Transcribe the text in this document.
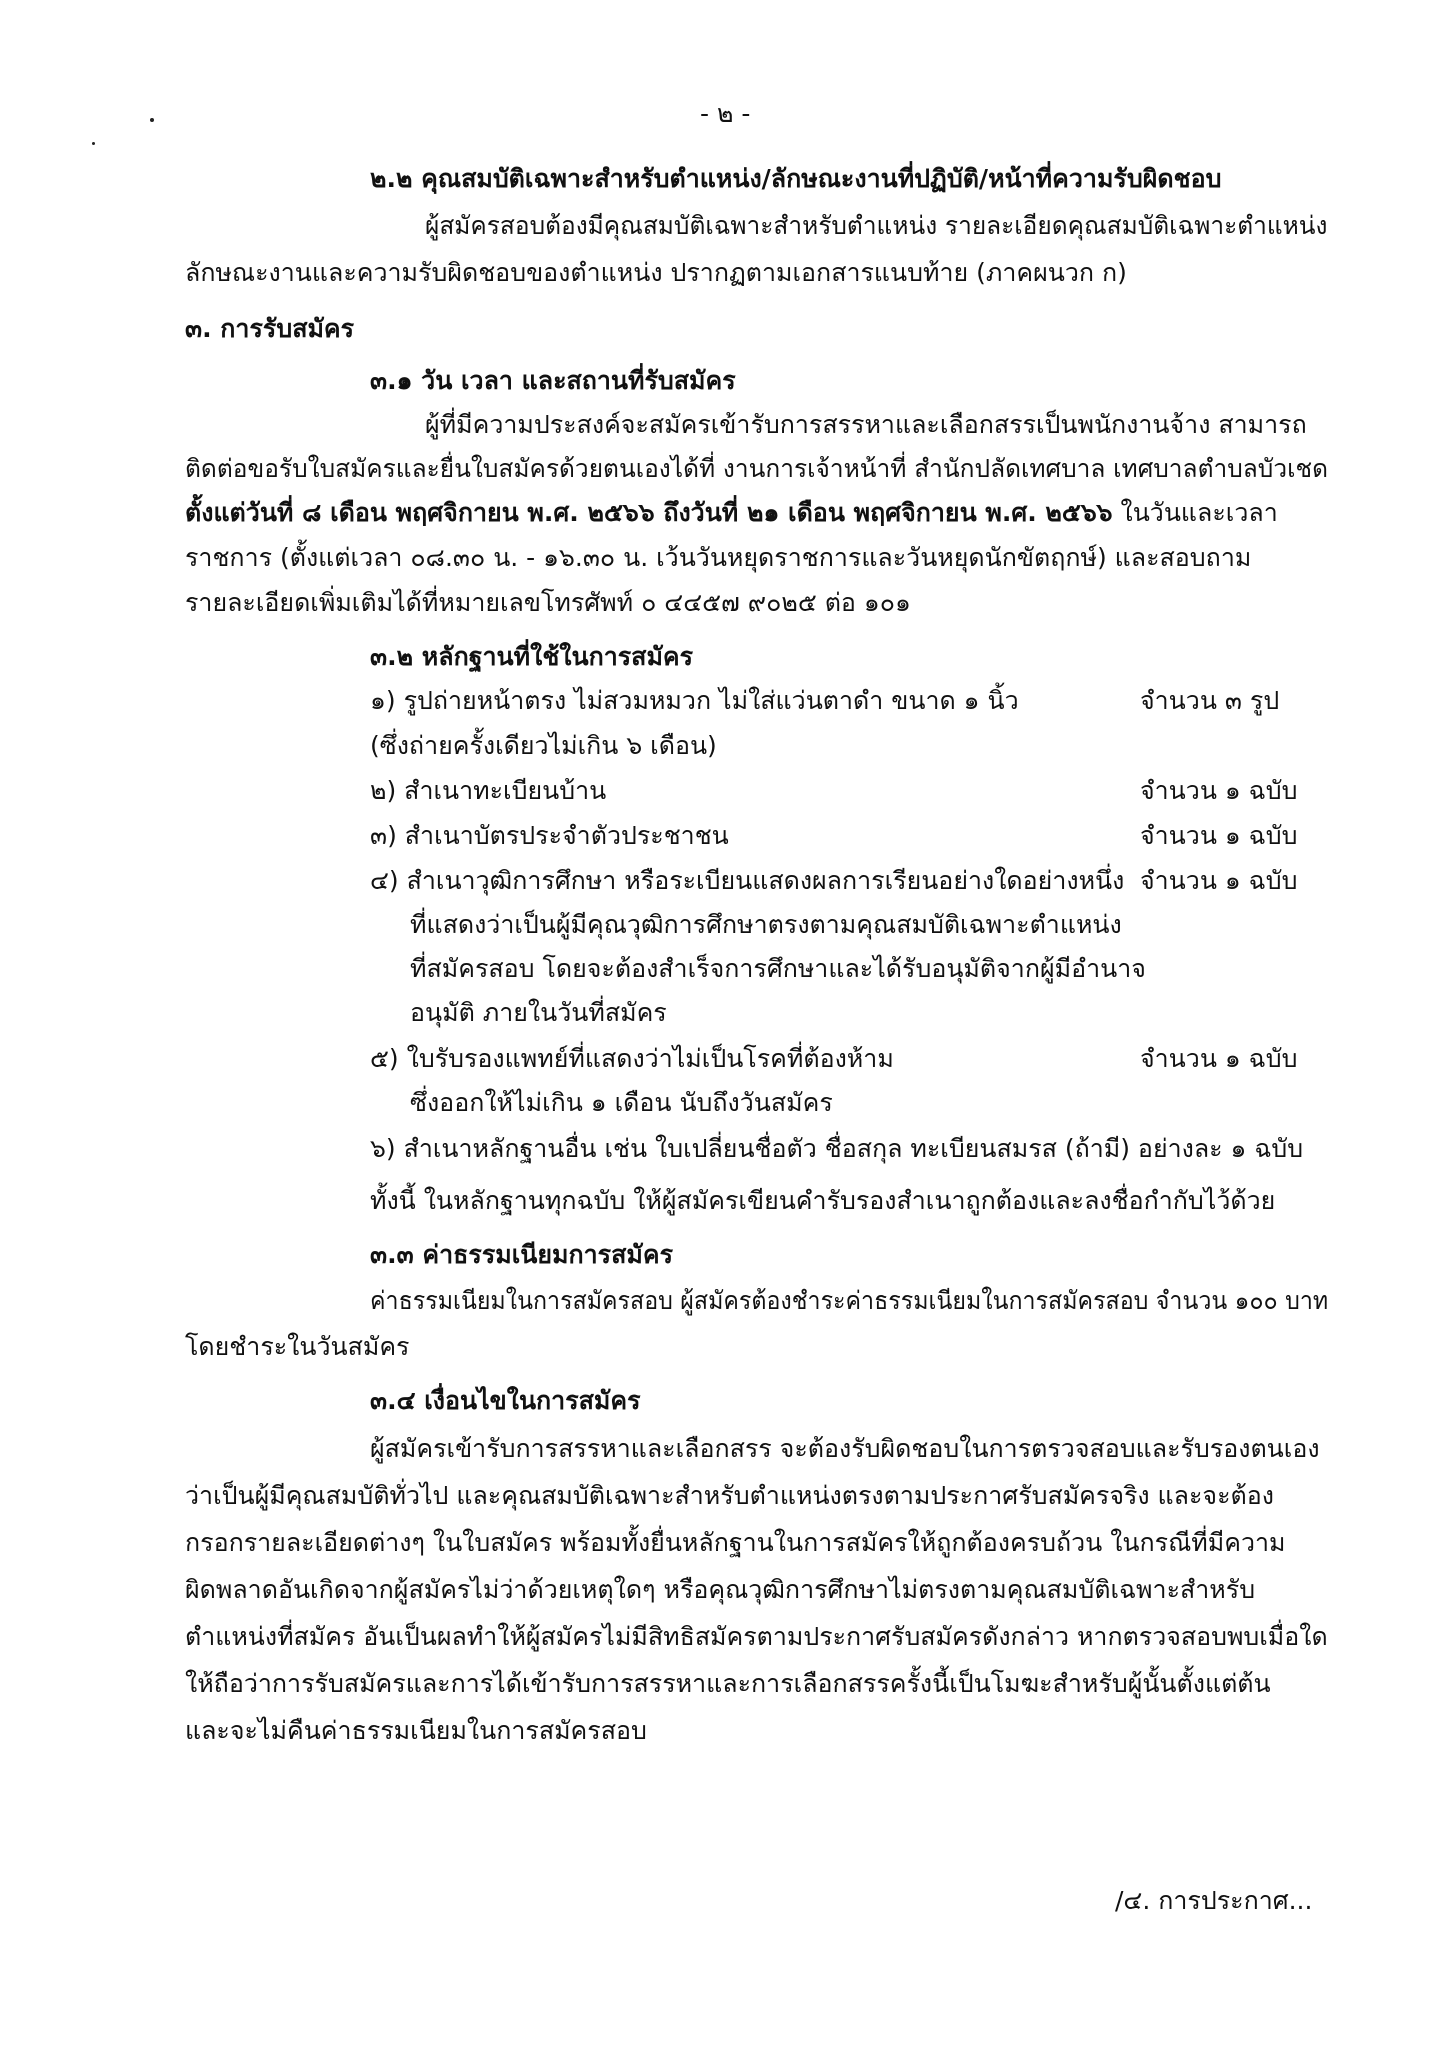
- ๒ -
๒.๒ คุณสมบัติเฉพาะสำหรับตำแหน่ง/ลักษณะงานที่ปฏิบัติ/หน้าที่ความรับผิดชอบ
ผู้สมัครสอบต้องมีคุณสมบัติเฉพาะสำหรับตำแหน่ง รายละเอียดคุณสมบัติเฉพาะตำแหน่ง
ลักษณะงานและความรับผิดชอบของตำแหน่ง ปรากฏตามเอกสารแนบท้าย (ภาคผนวก ก)
๓. การรับสมัคร
๓.๑ วัน เวลา และสถานที่รับสมัคร
ผู้ที่มีความประสงค์จะสมัครเข้ารับการสรรหาและเลือกสรรเป็นพนักงานจ้าง สามารถ
ติดต่อขอรับใบสมัครและยื่นใบสมัครด้วยตนเองได้ที่ งานการเจ้าหน้าที่ สำนักปลัดเทศบาล เทศบาลตำบลบัวเชด
ตั้งแต่วันที่ ๘ เดือน พฤศจิกายน พ.ศ. ๒๕๖๖ ถึงวันที่ ๒๑ เดือน พฤศจิกายน พ.ศ. ๒๕๖๖ ในวันและเวลา
ราชการ (ตั้งแต่เวลา ๐๘.๓๐ น. - ๑๖.๓๐ น. เว้นวันหยุดราชการและวันหยุดนักขัตฤกษ์) และสอบถาม
รายละเอียดเพิ่มเติมได้ที่หมายเลขโทรศัพท์ ๐ ๔๔๕๗ ๙๐๒๕ ต่อ ๑๐๑
๓.๒ หลักฐานที่ใช้ในการสมัคร
๑) รูปถ่ายหน้าตรง ไม่สวมหมวก ไม่ใส่แว่นตาดำ ขนาด ๑ นิ้ว	จำนวน ๓ รูป
(ซึ่งถ่ายครั้งเดียวไม่เกิน ๖ เดือน)
๒) สำเนาทะเบียนบ้าน	จำนวน ๑ ฉบับ
๓) สำเนาบัตรประจำตัวประชาชน	จำนวน ๑ ฉบับ
๔) สำเนาวุฒิการศึกษา หรือระเบียนแสดงผลการเรียนอย่างใดอย่างหนึ่ง จำนวน ๑ ฉบับ
ที่แสดงว่าเป็นผู้มีคุณวุฒิการศึกษาตรงตามคุณสมบัติเฉพาะตำแหน่ง
ที่สมัครสอบ โดยจะต้องสำเร็จการศึกษาและได้รับอนุมัติจากผู้มีอำนาจ
อนุมัติ ภายในวันที่สมัคร
๕) ใบรับรองแพทย์ที่แสดงว่าไม่เป็นโรคที่ต้องห้าม	จำนวน ๑ ฉบับ
ซึ่งออกให้ไม่เกิน ๑ เดือน นับถึงวันสมัคร
๖) สำเนาหลักฐานอื่น เช่น ใบเปลี่ยนชื่อตัว ชื่อสกุล ทะเบียนสมรส (ถ้ามี) อย่างละ ๑ ฉบับ
ทั้งนี้ ในหลักฐานทุกฉบับ ให้ผู้สมัครเขียนคำรับรองสำเนาถูกต้องและลงชื่อกำกับไว้ด้วย
๓.๓ ค่าธรรมเนียมการสมัคร
ค่าธรรมเนียมในการสมัครสอบ ผู้สมัครต้องชำระค่าธรรมเนียมในการสมัครสอบ จำนวน ๑๐๐ บาท
โดยชำระในวันสมัคร
๓.๔ เงื่อนไขในการสมัคร
ผู้สมัครเข้ารับการสรรหาและเลือกสรร จะต้องรับผิดชอบในการตรวจสอบและรับรองตนเอง
ว่าเป็นผู้มีคุณสมบัติทั่วไป และคุณสมบัติเฉพาะสำหรับตำแหน่งตรงตามประกาศรับสมัครจริง และจะต้อง
กรอกรายละเอียดต่างๆ ในใบสมัคร พร้อมทั้งยื่นหลักฐานในการสมัครให้ถูกต้องครบถ้วน ในกรณีที่มีความ
ผิดพลาดอันเกิดจากผู้สมัครไม่ว่าด้วยเหตุใดๆ หรือคุณวุฒิการศึกษาไม่ตรงตามคุณสมบัติเฉพาะสำหรับ
ตำแหน่งที่สมัคร อันเป็นผลทำให้ผู้สมัครไม่มีสิทธิสมัครตามประกาศรับสมัครดังกล่าว หากตรวจสอบพบเมื่อใด
ให้ถือว่าการรับสมัครและการได้เข้ารับการสรรหาและการเลือกสรรครั้งนี้เป็นโมฆะสำหรับผู้นั้นตั้งแต่ต้น
และจะไม่คืนค่าธรรมเนียมในการสมัครสอบ
/๔. การประกาศ...
